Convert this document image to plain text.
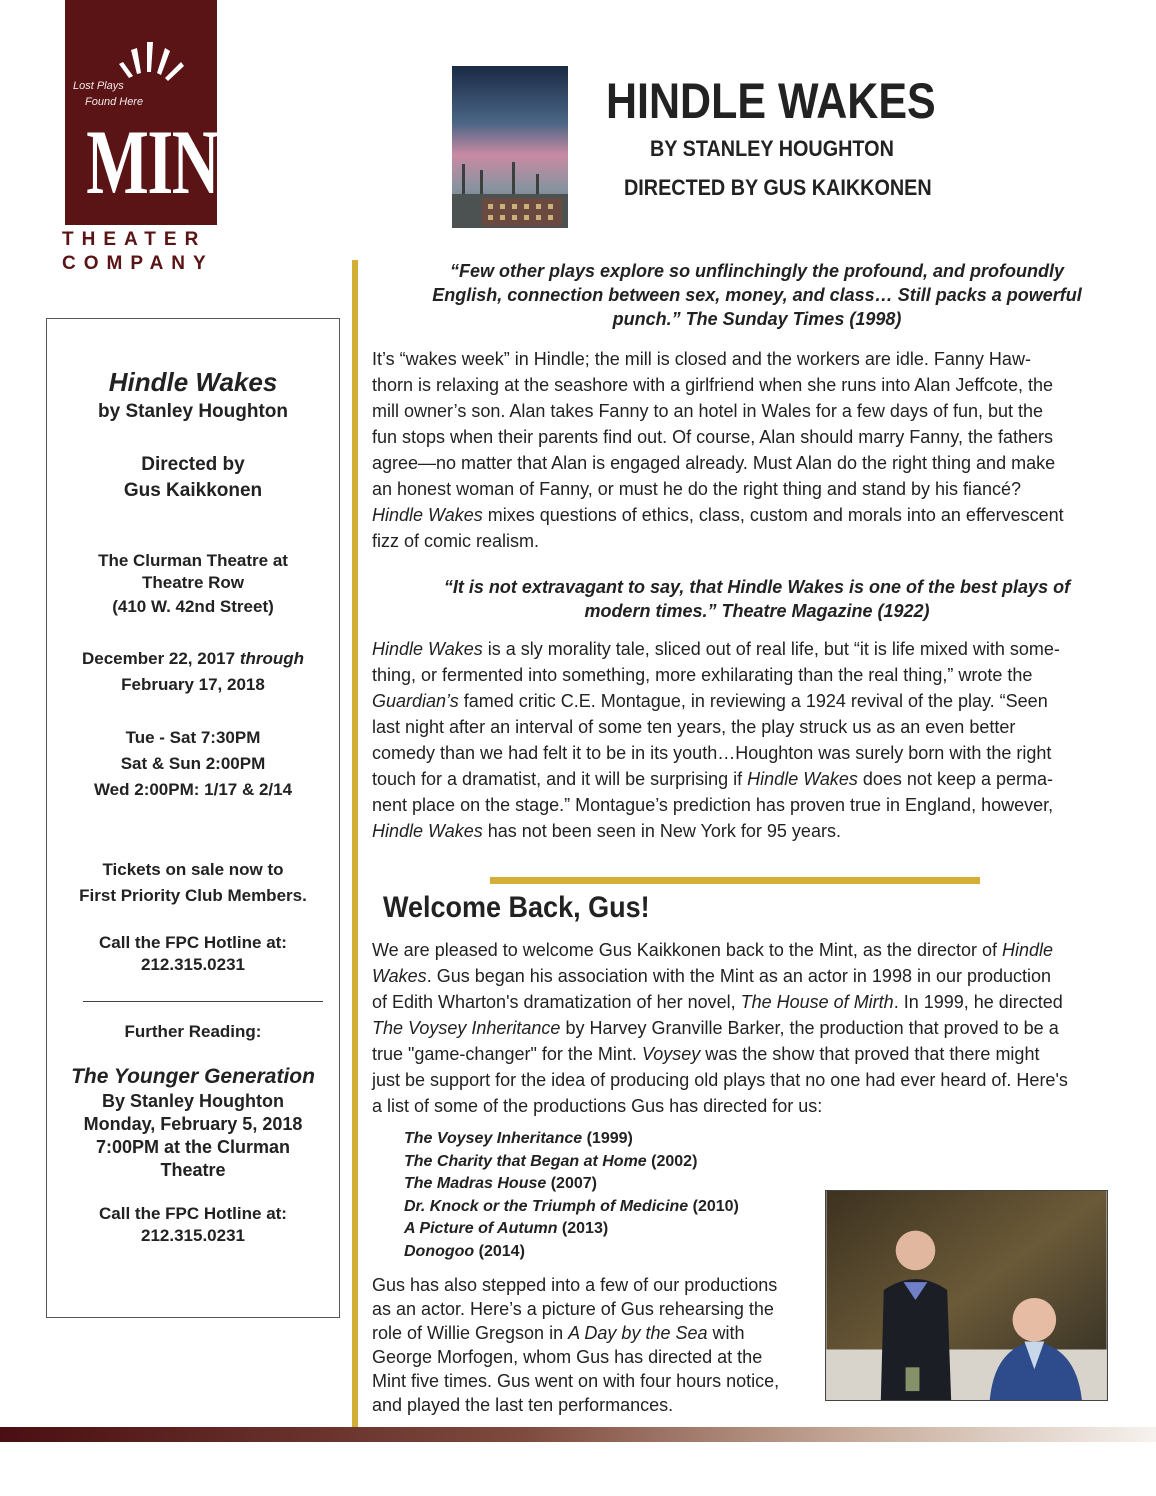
Lost Plays
Found Here
MINT
THEATER
COMPANY
Hindle Wakes
by Stanley Houghton
Directed by
Gus Kaikkonen
The Clurman Theatre at
Theatre Row
(410 W. 42nd Street)
December 22, 2017 through
February 17, 2018
Tue - Sat 7:30PM
Sat & Sun 2:00PM
Wed 2:00PM: 1/17 & 2/14
Tickets on sale now to
First Priority Club Members.
Call the FPC Hotline at:
212.315.0231
Further Reading:
The Younger Generation
By Stanley Houghton
Monday, February 5, 2018
7:00PM at the Clurman
Theatre
Call the FPC Hotline at:
212.315.0231
HINDLE WAKES
BY STANLEY HOUGHTON
DIRECTED BY GUS KAIKKONEN
“Few other plays explore so unflinchingly the profound, and profoundly
English, connection between sex, money, and class… Still packs a powerful
punch.” The Sunday Times (1998)
It’s “wakes week” in Hindle; the mill is closed and the workers are idle. Fanny Haw-
thorn is relaxing at the seashore with a girlfriend when she runs into Alan Jeffcote, the
mill owner’s son. Alan takes Fanny to an hotel in Wales for a few days of fun, but the
fun stops when their parents find out. Of course, Alan should marry Fanny, the fathers
agree—no matter that Alan is engaged already. Must Alan do the right thing and make
an honest woman of Fanny, or must he do the right thing and stand by his fiancé?
Hindle Wakes mixes questions of ethics, class, custom and morals into an effervescent
fizz of comic realism.
“It is not extravagant to say, that Hindle Wakes is one of the best plays of
modern times.” Theatre Magazine (1922)
Hindle Wakes is a sly morality tale, sliced out of real life, but “it is life mixed with some-
thing, or fermented into something, more exhilarating than the real thing,” wrote the
Guardian’s famed critic C.E. Montague, in reviewing a 1924 revival of the play. “Seen
last night after an interval of some ten years, the play struck us as an even better
comedy than we had felt it to be in its youth…Houghton was surely born with the right
touch for a dramatist, and it will be surprising if Hindle Wakes does not keep a perma-
nent place on the stage.” Montague’s prediction has proven true in England, however,
Hindle Wakes has not been seen in New York for 95 years.
Welcome Back, Gus!
We are pleased to welcome Gus Kaikkonen back to the Mint, as the director of Hindle
Wakes. Gus began his association with the Mint as an actor in 1998 in our production
of Edith Wharton's dramatization of her novel, The House of Mirth. In 1999, he directed
The Voysey Inheritance by Harvey Granville Barker, the production that proved to be a
true "game-changer" for the Mint. Voysey was the show that proved that there might
just be support for the idea of producing old plays that no one had ever heard of. Here's
a list of some of the productions Gus has directed for us:
The Voysey Inheritance (1999)
The Charity that Began at Home (2002)
The Madras House (2007)
Dr. Knock or the Triumph of Medicine (2010)
A Picture of Autumn (2013)
Donogoo (2014)
Gus has also stepped into a few of our productions
as an actor. Here’s a picture of Gus rehearsing the
role of Willie Gregson in A Day by the Sea with
George Morfogen, whom Gus has directed at the
Mint five times. Gus went on with four hours notice,
and played the last ten performances.
